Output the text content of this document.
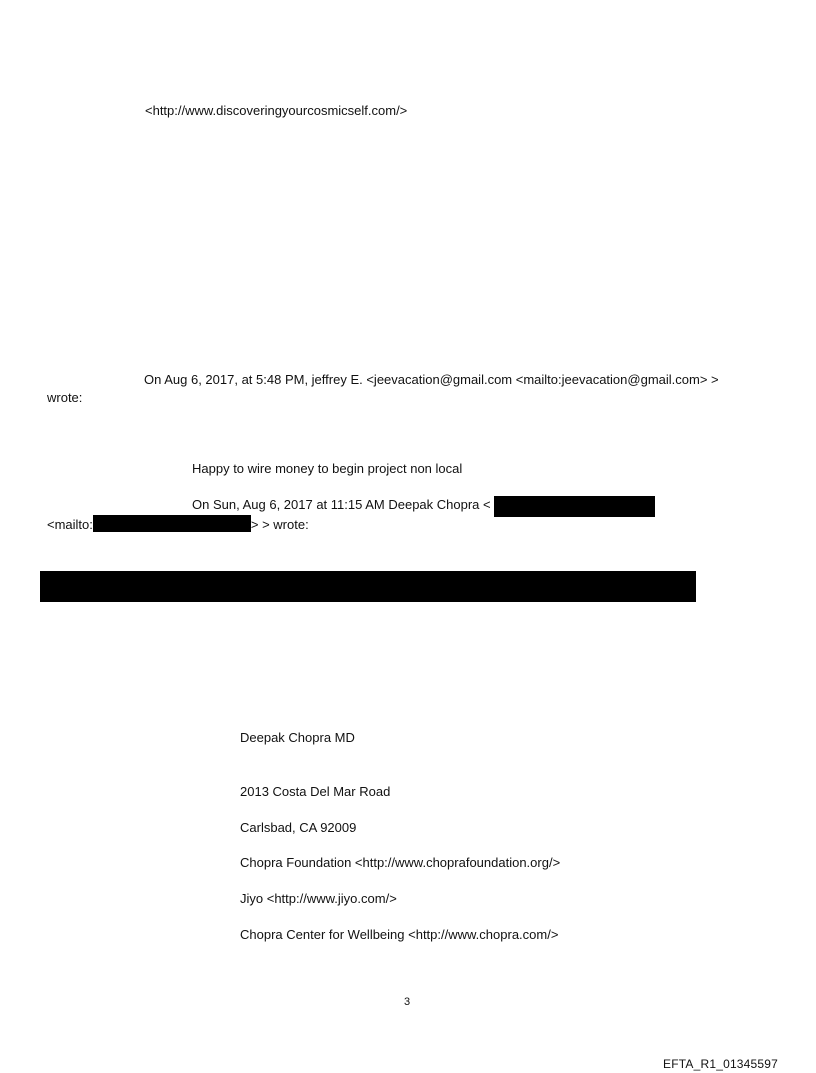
<http://www.discoveringyourcosmicself.com/>
On Aug 6, 2017, at 5:48 PM, jeffrey E. <jeevacation@gmail.com <mailto:jeevacation@gmail.com> >
wrote:
Happy to wire money to begin project non local
On Sun, Aug 6, 2017 at 11:15 AM Deepak Chopra <
<mailto:	> > wrote:
Deepak Chopra MD
2013 Costa Del Mar Road
Carlsbad, CA 92009
Chopra Foundation <http://www.choprafoundation.org/>
Jiyo <http://www.jiyo.com/>
Chopra Center for Wellbeing <http://www.chopra.com/>
3
EFTA_R1_01345597
